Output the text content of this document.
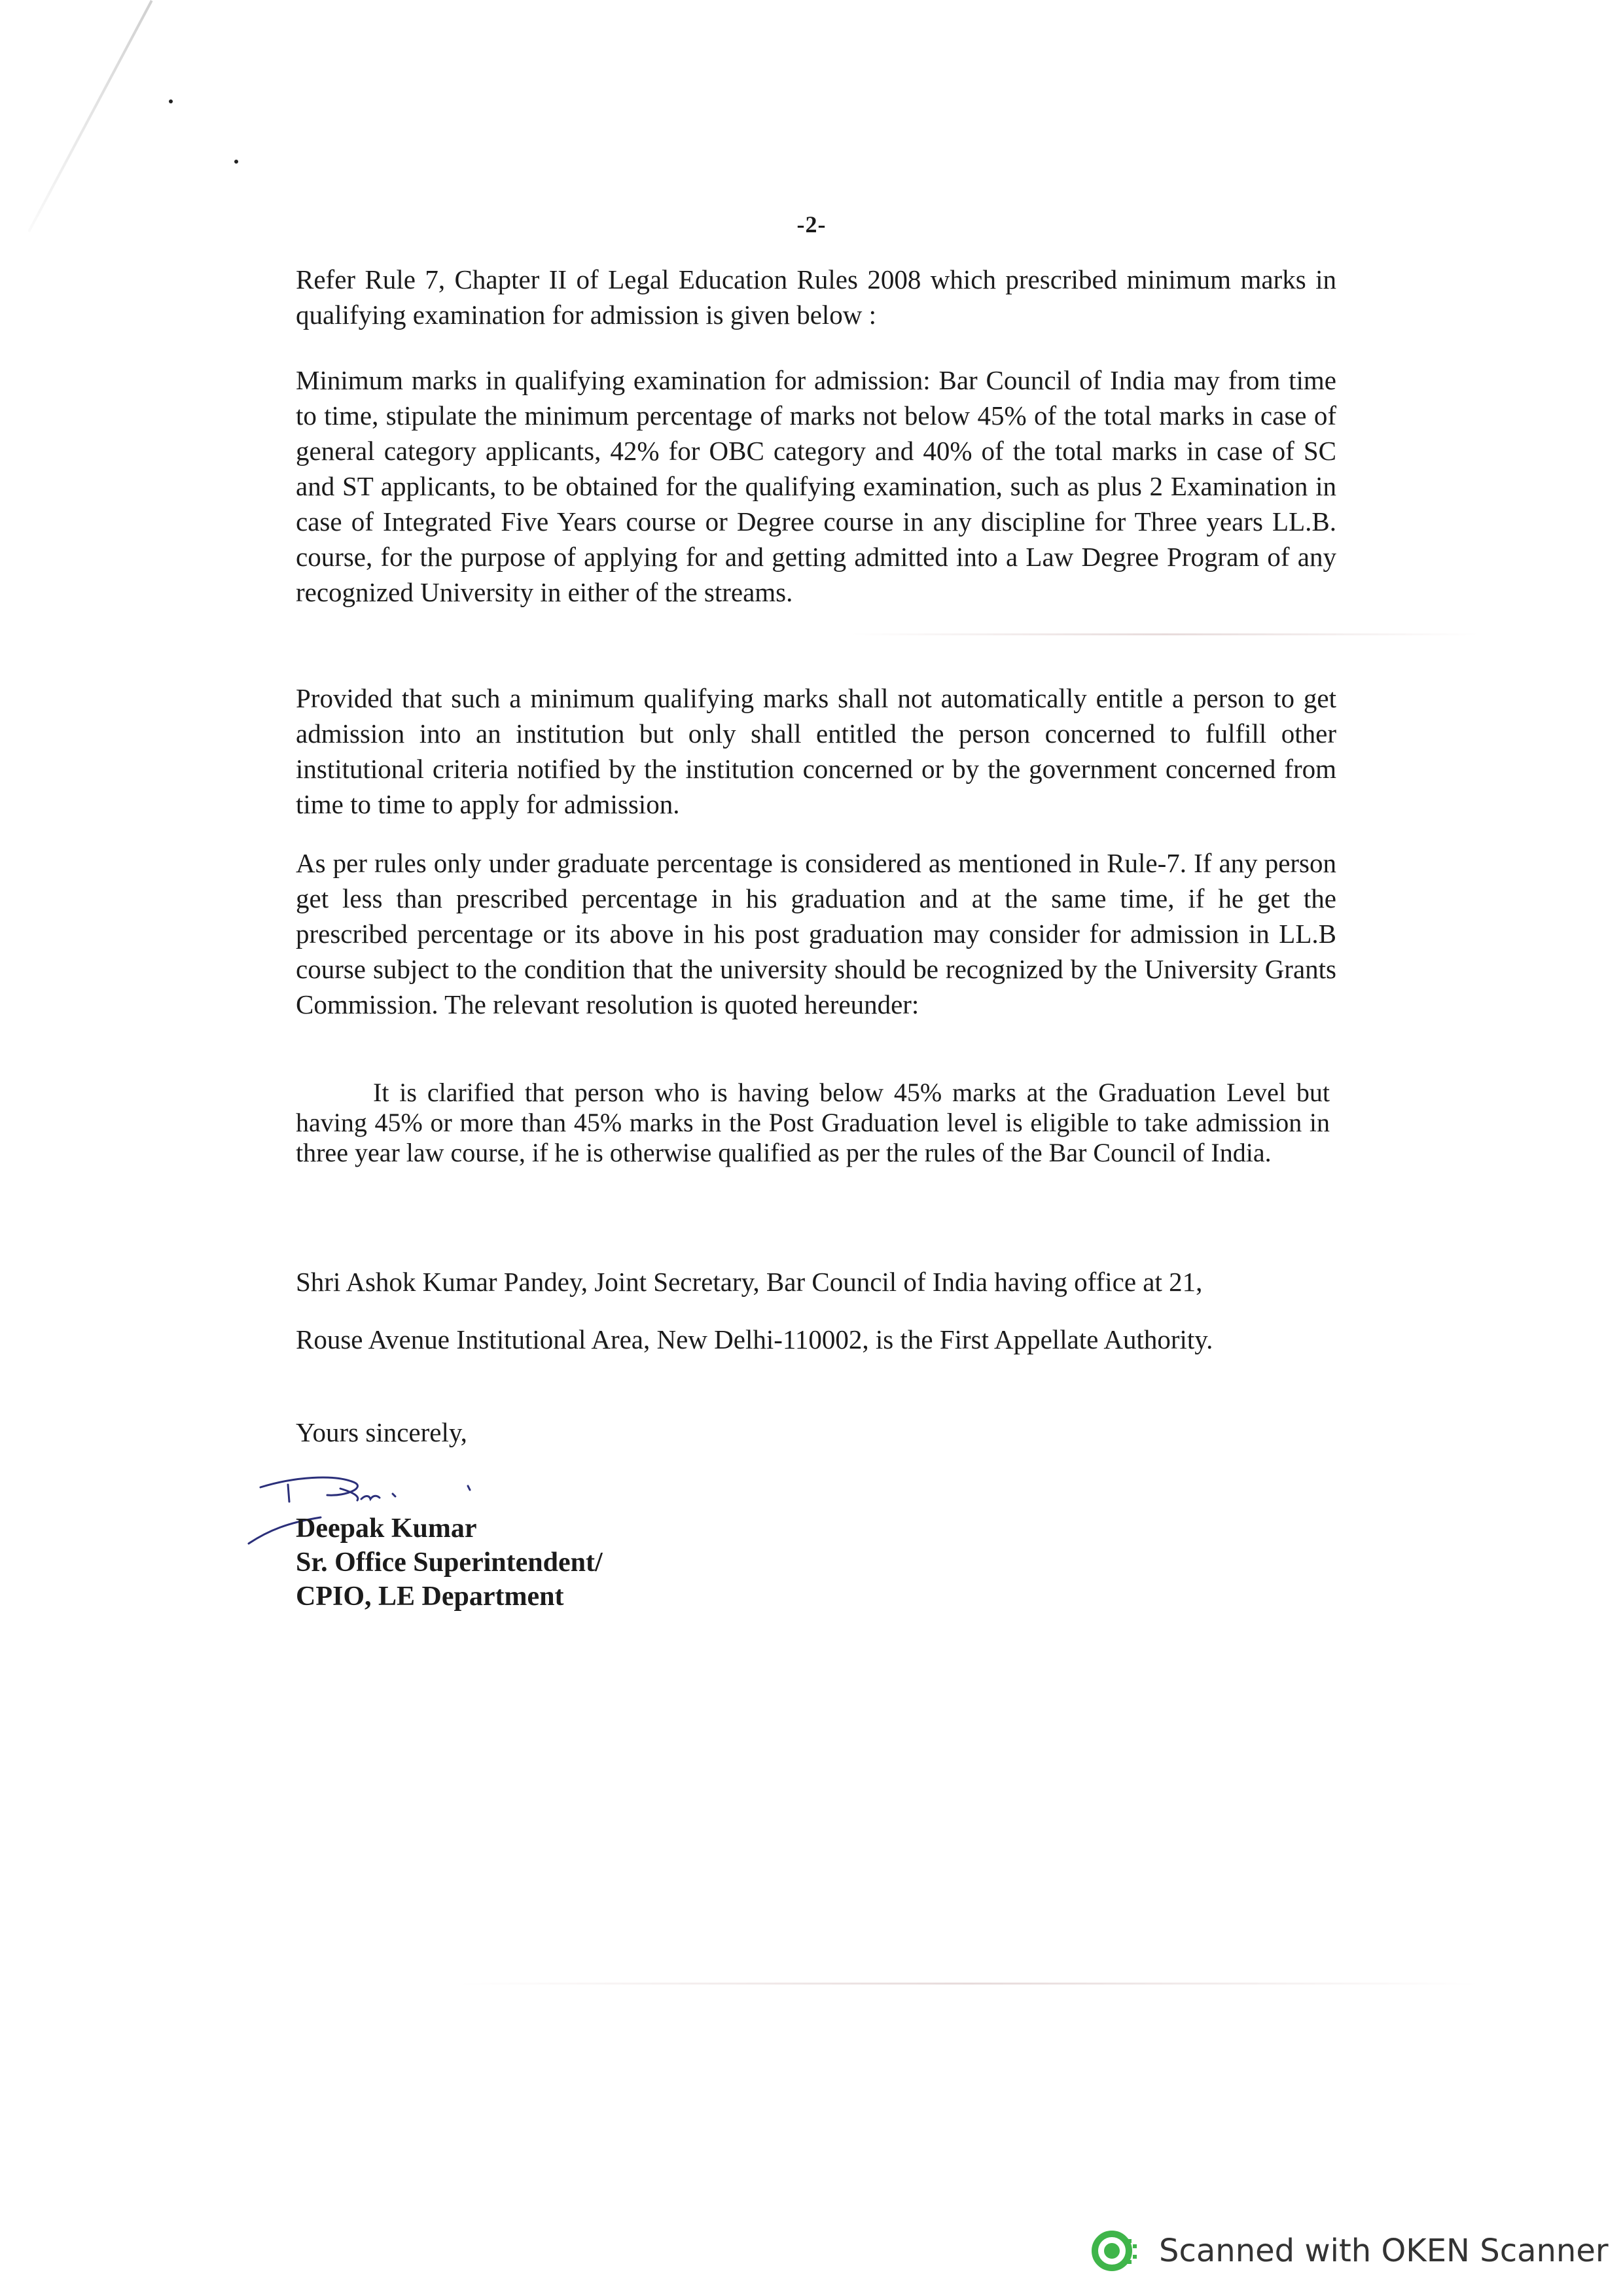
-2-
Refer Rule 7, Chapter II of Legal Education Rules 2008 which prescribed minimum marks in qualifying examination for admission is given below :
Minimum marks in qualifying examination for admission: Bar Council of India may from time to time, stipulate the minimum percentage of marks not below 45% of the total marks in case of general category applicants, 42% for OBC category and 40% of the total marks in case of SC and ST applicants, to be obtained for the qualifying examination, such as plus 2 Examination in case of Integrated Five Years course or Degree course in any discipline for Three years LL.B. course, for the purpose of applying for and getting admitted into a Law Degree Program of any recognized University in either of the streams.
Provided that such a minimum qualifying marks shall not automatically entitle a person to get admission into an institution but only shall entitled the person concerned to fulfill other institutional criteria notified by the institution concerned or by the government concerned from time to time to apply for admission.
As per rules only under graduate percentage is considered as mentioned in Rule-7. If any person get less than prescribed percentage in his graduation and at the same time, if he get the prescribed percentage or its above in his post graduation may consider for admission in LL.B course subject to the condition that the university should be recognized by the University Grants Commission. The relevant resolution is quoted hereunder:
It is clarified that person who is having below 45% marks at the Graduation Level but having 45% or more than 45% marks in the Post Graduation level is eligible to take admission in three year law course, if he is otherwise qualified as per the rules of the Bar Council of India.
Shri Ashok Kumar Pandey, Joint Secretary, Bar Council of India having office at 21,
Rouse Avenue Institutional Area, New Delhi-110002, is the First Appellate Authority.
Yours sincerely,
Deepak Kumar
Sr. Office Superintendent/
CPIO, LE Department
Scanned with OKEN Scanner
